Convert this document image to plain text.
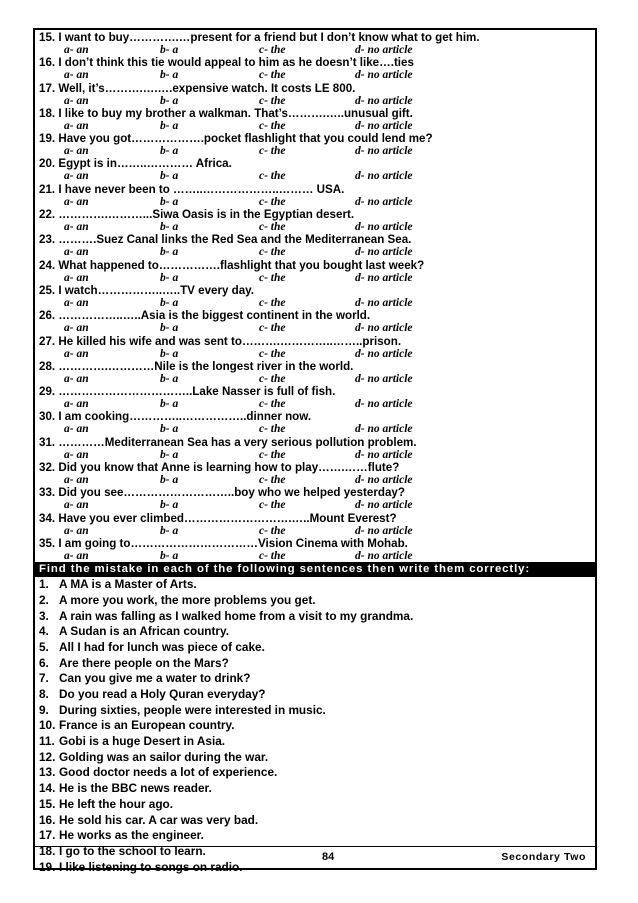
15. I want to buy………….…present for a friend but I don’t know what to get him.
a- an	b- a	c- the	d- no article
16. I don’t think this tie would appeal to him as he doesn’t like….ties
a- an	b- a	c- the	d- no article
17. Well, it’s……….….….expensive watch. It costs LE 800.
a- an	b- a	c- the	d- no article
18. I like to buy my brother a walkman. That’s……….…..unusual gift.
a- an	b- a	c- the	d- no article
19. Have you got……………….pocket flashlight that you could lend me?
a- an	b- a	c- the	d- no article
20. Egypt is in……..………… Africa.
a- an	b- a	c- the	d- no article
21. I have never been to ……..………………..……… USA.
a- an	b- a	c- the	d- no article
22. ………….………...Siwa Oasis is in the Egyptian desert.
a- an	b- a	c- the	d- no article
23. ……….Suez Canal links the Red Sea and the Mediterranean Sea.
a- an	b- a	c- the	d- no article
24. What happened to…………….flashlight that you bought last week?
a- an	b- a	c- the	d- no article
25. I watch……………..…..TV every day.
a- an	b- a	c- the	d- no article
26. ……………..…..Asia is the biggest continent in the world.
a- an	b- a	c- the	d- no article
27. He killed his wife and was sent to……….…………..……..prison.
a- an	b- a	c- the	d- no article
28. ………….…………Nile is the longest river in the world.
a- an	b- a	c- the	d- no article
29. ……………………………..Lake Nasser is full of fish.
a- an	b- a	c- the	d- no article
30. I am cooking…………..……………..dinner now.
a- an	b- a	c- the	d- no article
31. …………Mediterranean Sea has a very serious pollution problem.
a- an	b- a	c- the	d- no article
32. Did you know that Anne is learning how to play…….……flute?
a- an	b- a	c- the	d- no article
33. Did you see………………………..boy who we helped yesterday?
a- an	b- a	c- the	d- no article
34. Have you ever climbed……………………….…..Mount Everest?
a- an	b- a	c- the	d- no article
35. I am going to……………………………Vision Cinema with Mohab.
a- an	b- a	c- the	d- no article
Find the mistake in each of the following sentences then write them correctly:
1. A MA is a Master of Arts.
2. A more you work, the more problems you get.
3. A rain was falling as I walked home from a visit to my grandma.
4. A Sudan is an African country.
5. All I had for lunch was piece of cake.
6. Are there people on the Mars?
7. Can you give me a water to drink?
8. Do you read a Holy Quran everyday?
9. During sixties, people were interested in music.
10. France is an European country.
11. Gobi is a huge Desert in Asia.
12. Golding was an sailor during the war.
13. Good doctor needs a lot of experience.
14. He is the BBC news reader.
15. He left the hour ago.
16. He sold his car. A car was very bad.
17. He works as the engineer.
18. I go to the school to learn.
19. I like listening to songs on radio.
84	Secondary Two
